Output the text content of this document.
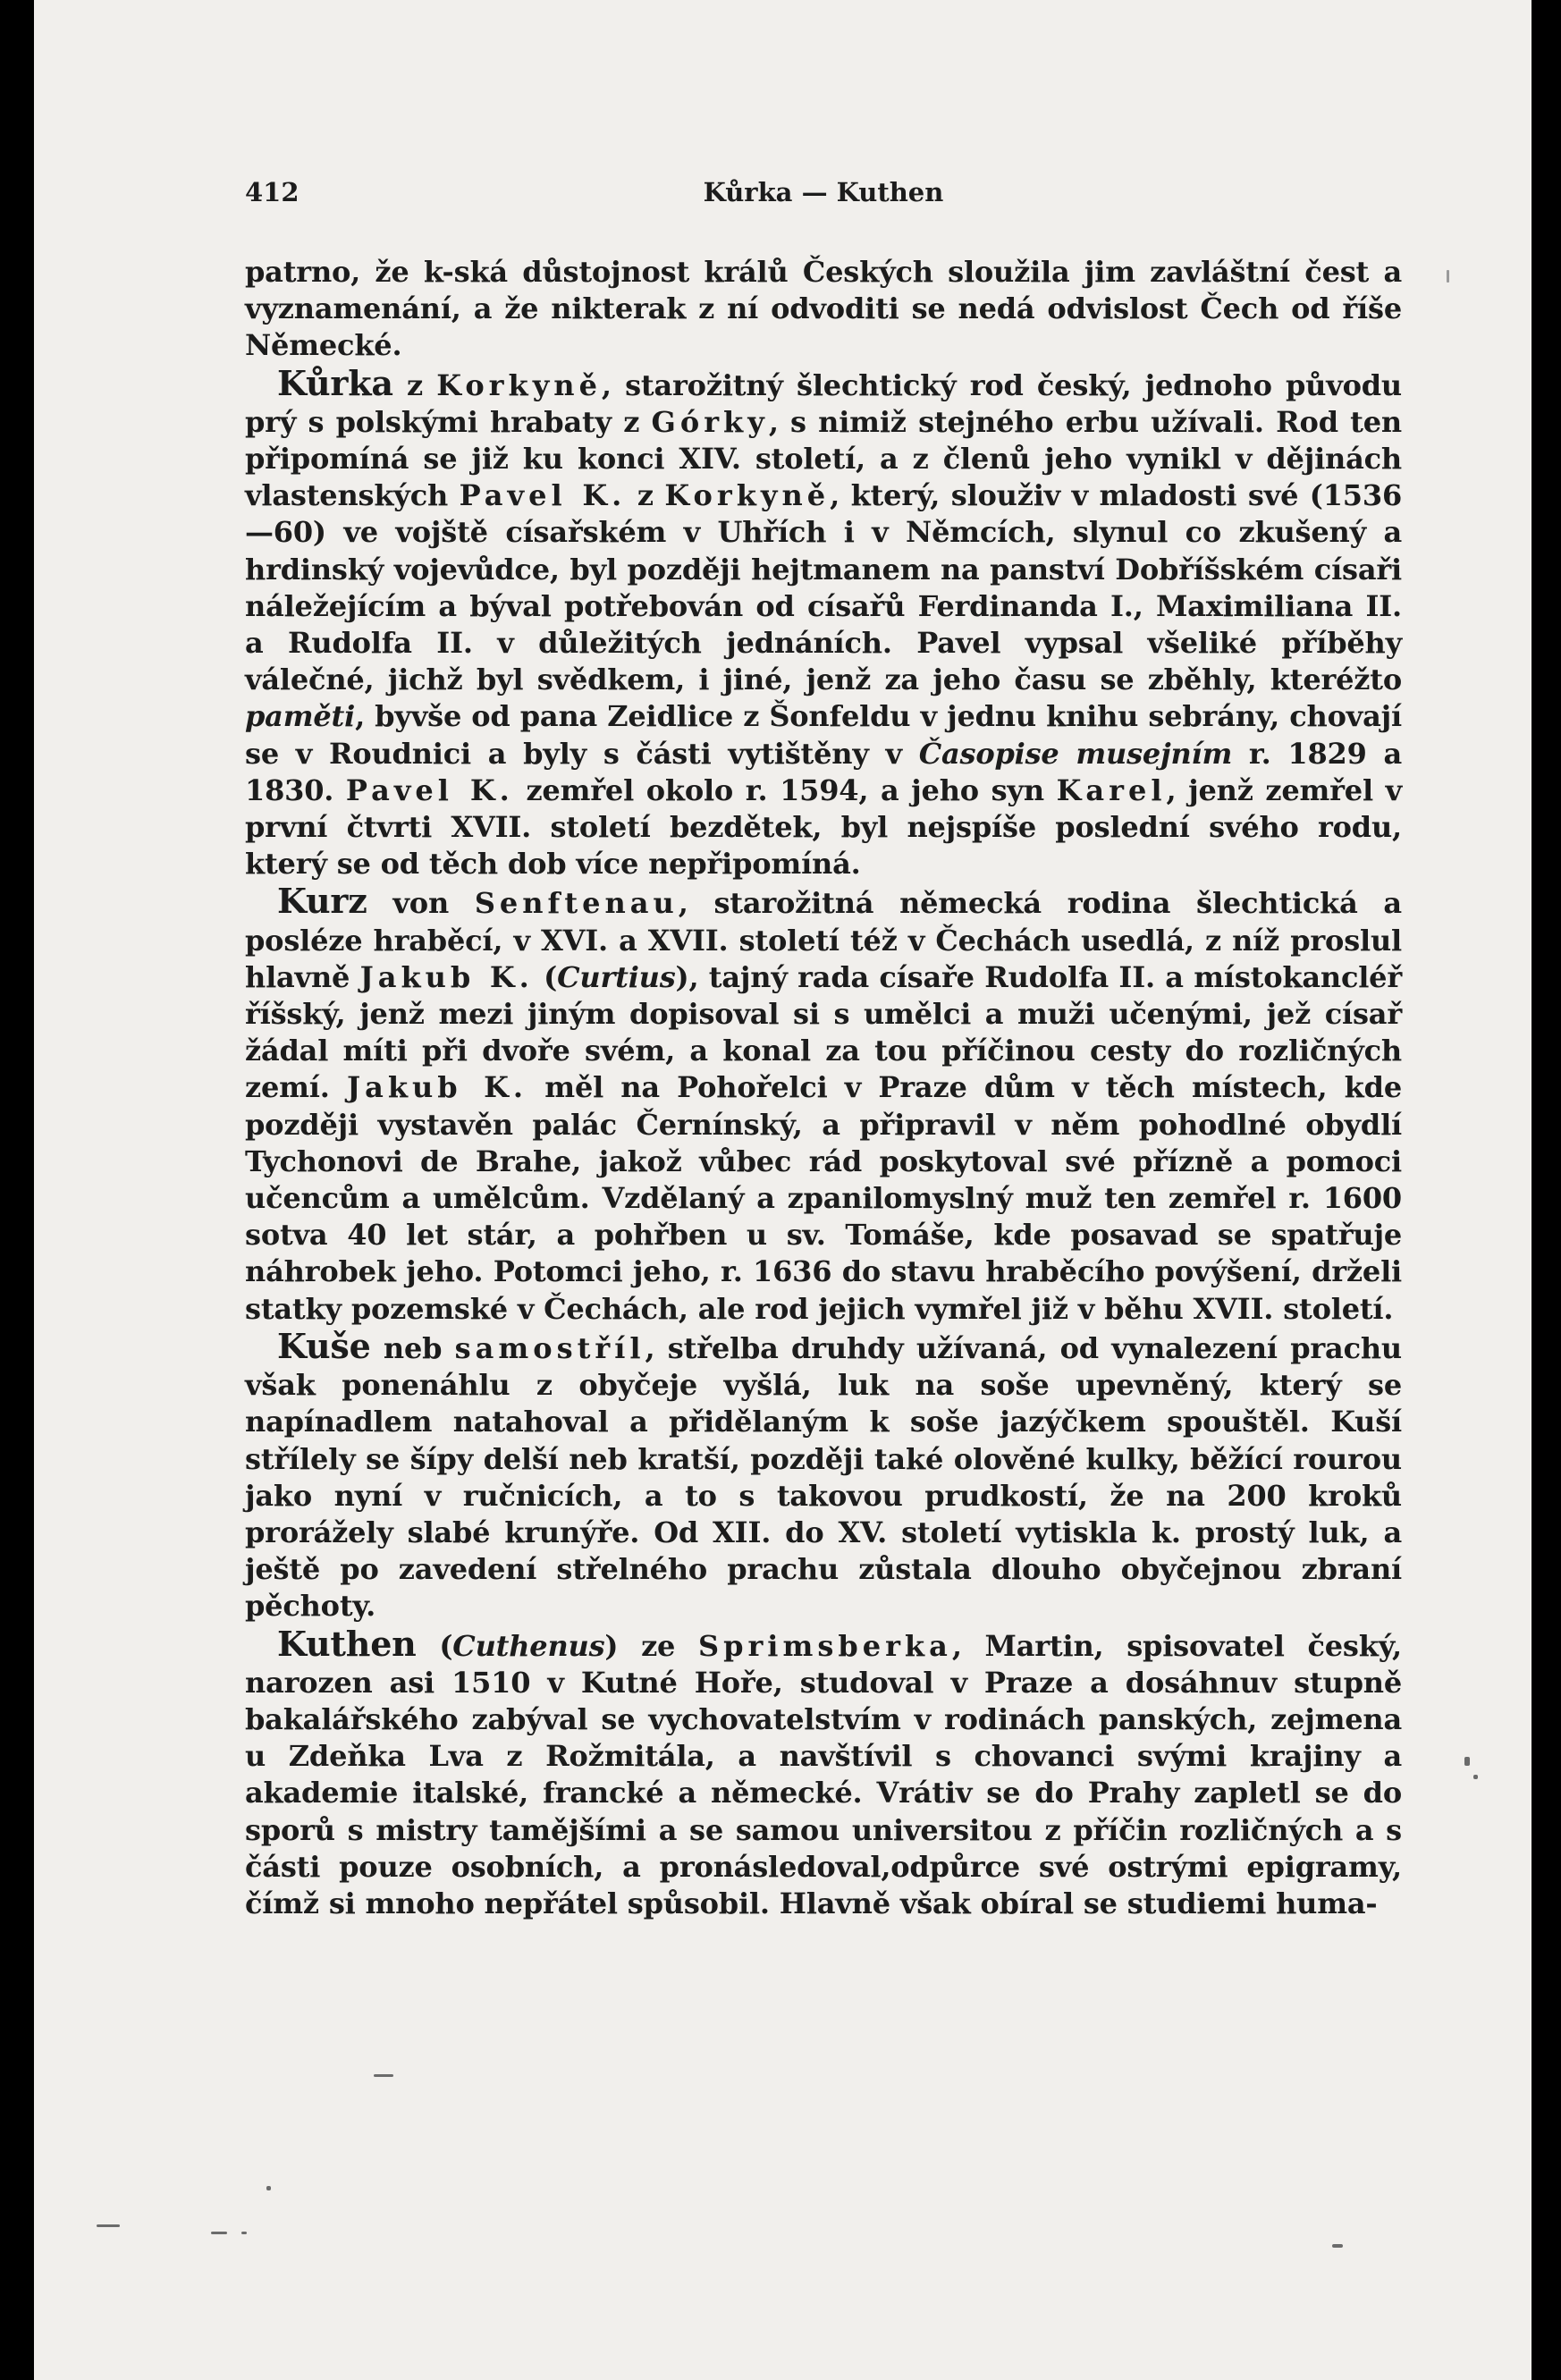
412	Kůrka — Kuthen

patrno, že k-ská důstojnost králů Českých sloužila jim zavláštní čest a vyznamenání, a že nikterak z ní odvoditi se nedá odvislost Čech od říše Německé.

Kůrka z Korkyně, starožitný šlechtický rod český, jednoho původu prý s polskými hrabaty z Górky, s nimiž stejného erbu užívali. Rod ten připomíná se již ku konci XIV. století, a z členů jeho vynikl v dějinách vlastenských Pavel K. z Korkyně, který, slouživ v mladosti své (1536—60) ve vojště císařském v Uhřích i v Němcích, slynul co zkušený a hrdinský vojevůdce, byl později hejtmanem na panství Dobříšském císaři náležejícím a býval potřebován od císařů Ferdinanda I., Maximiliana II. a Rudolfa II. v důležitých jednáních. Pavel vypsal všeliké příběhy válečné, jichž byl svědkem, i jiné, jenž za jeho času se zběhly, kteréžto paměti, byvše od pana Zeidlice z Šonfeldu v jednu knihu sebrány, chovají se v Roudnici a byly s části vytištěny v Časopise musejním r. 1829 a 1830. Pavel K. zemřel okolo r. 1594, a jeho syn Karel, jenž zemřel v první čtvrti XVII. století bezdětek, byl nejspíše poslední svého rodu, který se od těch dob více nepřipomíná.

Kurz von Senftenau, starožitná německá rodina šlechtická a posléze hraběcí, v XVI. a XVII. století též v Čechách usedlá, z níž proslul hlavně Jakub K. (Curtius), tajný rada císaře Rudolfa II. a místokancléř říšský, jenž mezi jiným dopisoval si s umělci a muži učenými, jež císař žádal míti při dvoře svém, a konal za tou příčinou cesty do rozličných zemí. Jakub K. měl na Pohořelci v Praze dům v těch místech, kde později vystavěn palác Černínský, a připravil v něm pohodlné obydlí Tychonovi de Brahe, jakož vůbec rád poskytoval své přízně a pomoci učencům a umělcům. Vzdělaný a zpanilomyslný muž ten zemřel r. 1600 sotva 40 let stár, a pohřben u sv. Tomáše, kde posavad se spatřuje náhrobek jeho. Potomci jeho, r. 1636 do stavu hraběcího povýšení, drželi statky pozemské v Čechách, ale rod jejich vymřel již v běhu XVII. století.

Kuše neb samostříl, střelba druhdy užívaná, od vynalezení prachu však ponenáhlu z obyčeje vyšlá, luk na soše upevněný, který se napínadlem natahoval a přidělaným k soše jazýčkem spouštěl. Kuší střílely se šípy delší neb kratší, později také olověné kulky, běžící rourou jako nyní v ručnicích, a to s takovou prudkostí, že na 200 kroků prorážely slabé krunýře. Od XII. do XV. století vytiskla k. prostý luk, a ještě po zavedení střelného prachu zůstala dlouho obyčejnou zbraní pěchoty.

Kuthen (Cuthenus) ze Sprimsberka, Martin, spisovatel český, narozen asi 1510 v Kutné Hoře, studoval v Praze a dosáhnuv stupně bakalářského zabýval se vychovatelstvím v rodinách panských, zejmena u Zdeňka Lva z Rožmitála, a navštívil s chovanci svými krajiny a akademie italské, francké a německé. Vrátiv se do Prahy zapletl se do sporů s mistry tamějšími a se samou universitou z příčin rozličných a s části pouze osobních, a pronásledoval,odpůrce své ostrými epigramy, čímž si mnoho nepřátel spůsobil. Hlavně však obíral se studiemi huma-
